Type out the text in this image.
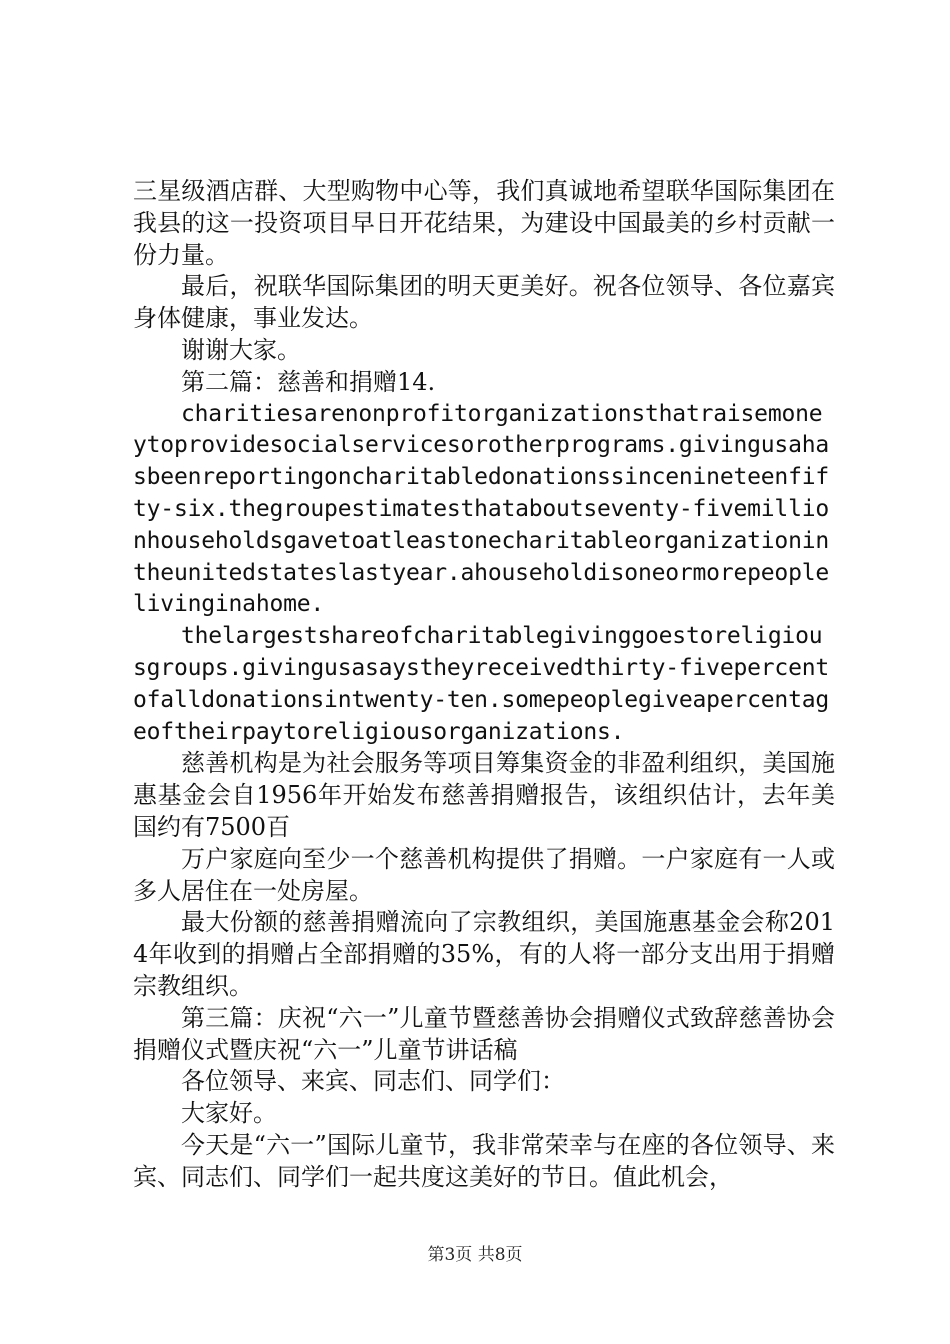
三星级酒店群、大型购物中心等，我们真诚地希望联华国际集团在我县的这一投资项目早日开花结果，为建设中国最美的乡村贡献一份力量。

最后，祝联华国际集团的明天更美好。祝各位领导、各位嘉宾身体健康，事业发达。

谢谢大家。

第二篇：慈善和捐赠14.

charitiesarenonprofitorganizationsthatraisemoneytoprovidesocialservicesorotherprograms.givingusahasbeenreportingoncharitabledonationssincenineteenfifty-six.thegroupestimatesthataboutseventy-fivemillionhouseholdsgavetoatleastonecharitableorganizationintheunitedstateslastyear.ahouseholdisoneormorepeoplelivinginahome.

thelargestshareofcharitablegivinggoestoreligiousgroups.givingusasaystheyreceivedthirty-fivepercentofalldonationsintwenty-ten.somepeoplegiveapercentageoftheirpaytoreligiousorganizations.

慈善机构是为社会服务等项目筹集资金的非盈利组织，美国施惠基金会自1956年开始发布慈善捐赠报告，该组织估计，去年美国约有7500百

万户家庭向至少一个慈善机构提供了捐赠。一户家庭有一人或多人居住在一处房屋。

最大份额的慈善捐赠流向了宗教组织，美国施惠基金会称2014年收到的捐赠占全部捐赠的35%，有的人将一部分支出用于捐赠宗教组织。

第三篇：庆祝“六一”儿童节暨慈善协会捐赠仪式致辞慈善协会捐赠仪式暨庆祝“六一”儿童节讲话稿

各位领导、来宾、同志们、同学们：

大家好。

今天是“六一”国际儿童节，我非常荣幸与在座的各位领导、来宾、同志们、同学们一起共度这美好的节日。值此机会，

第3页 共8页
